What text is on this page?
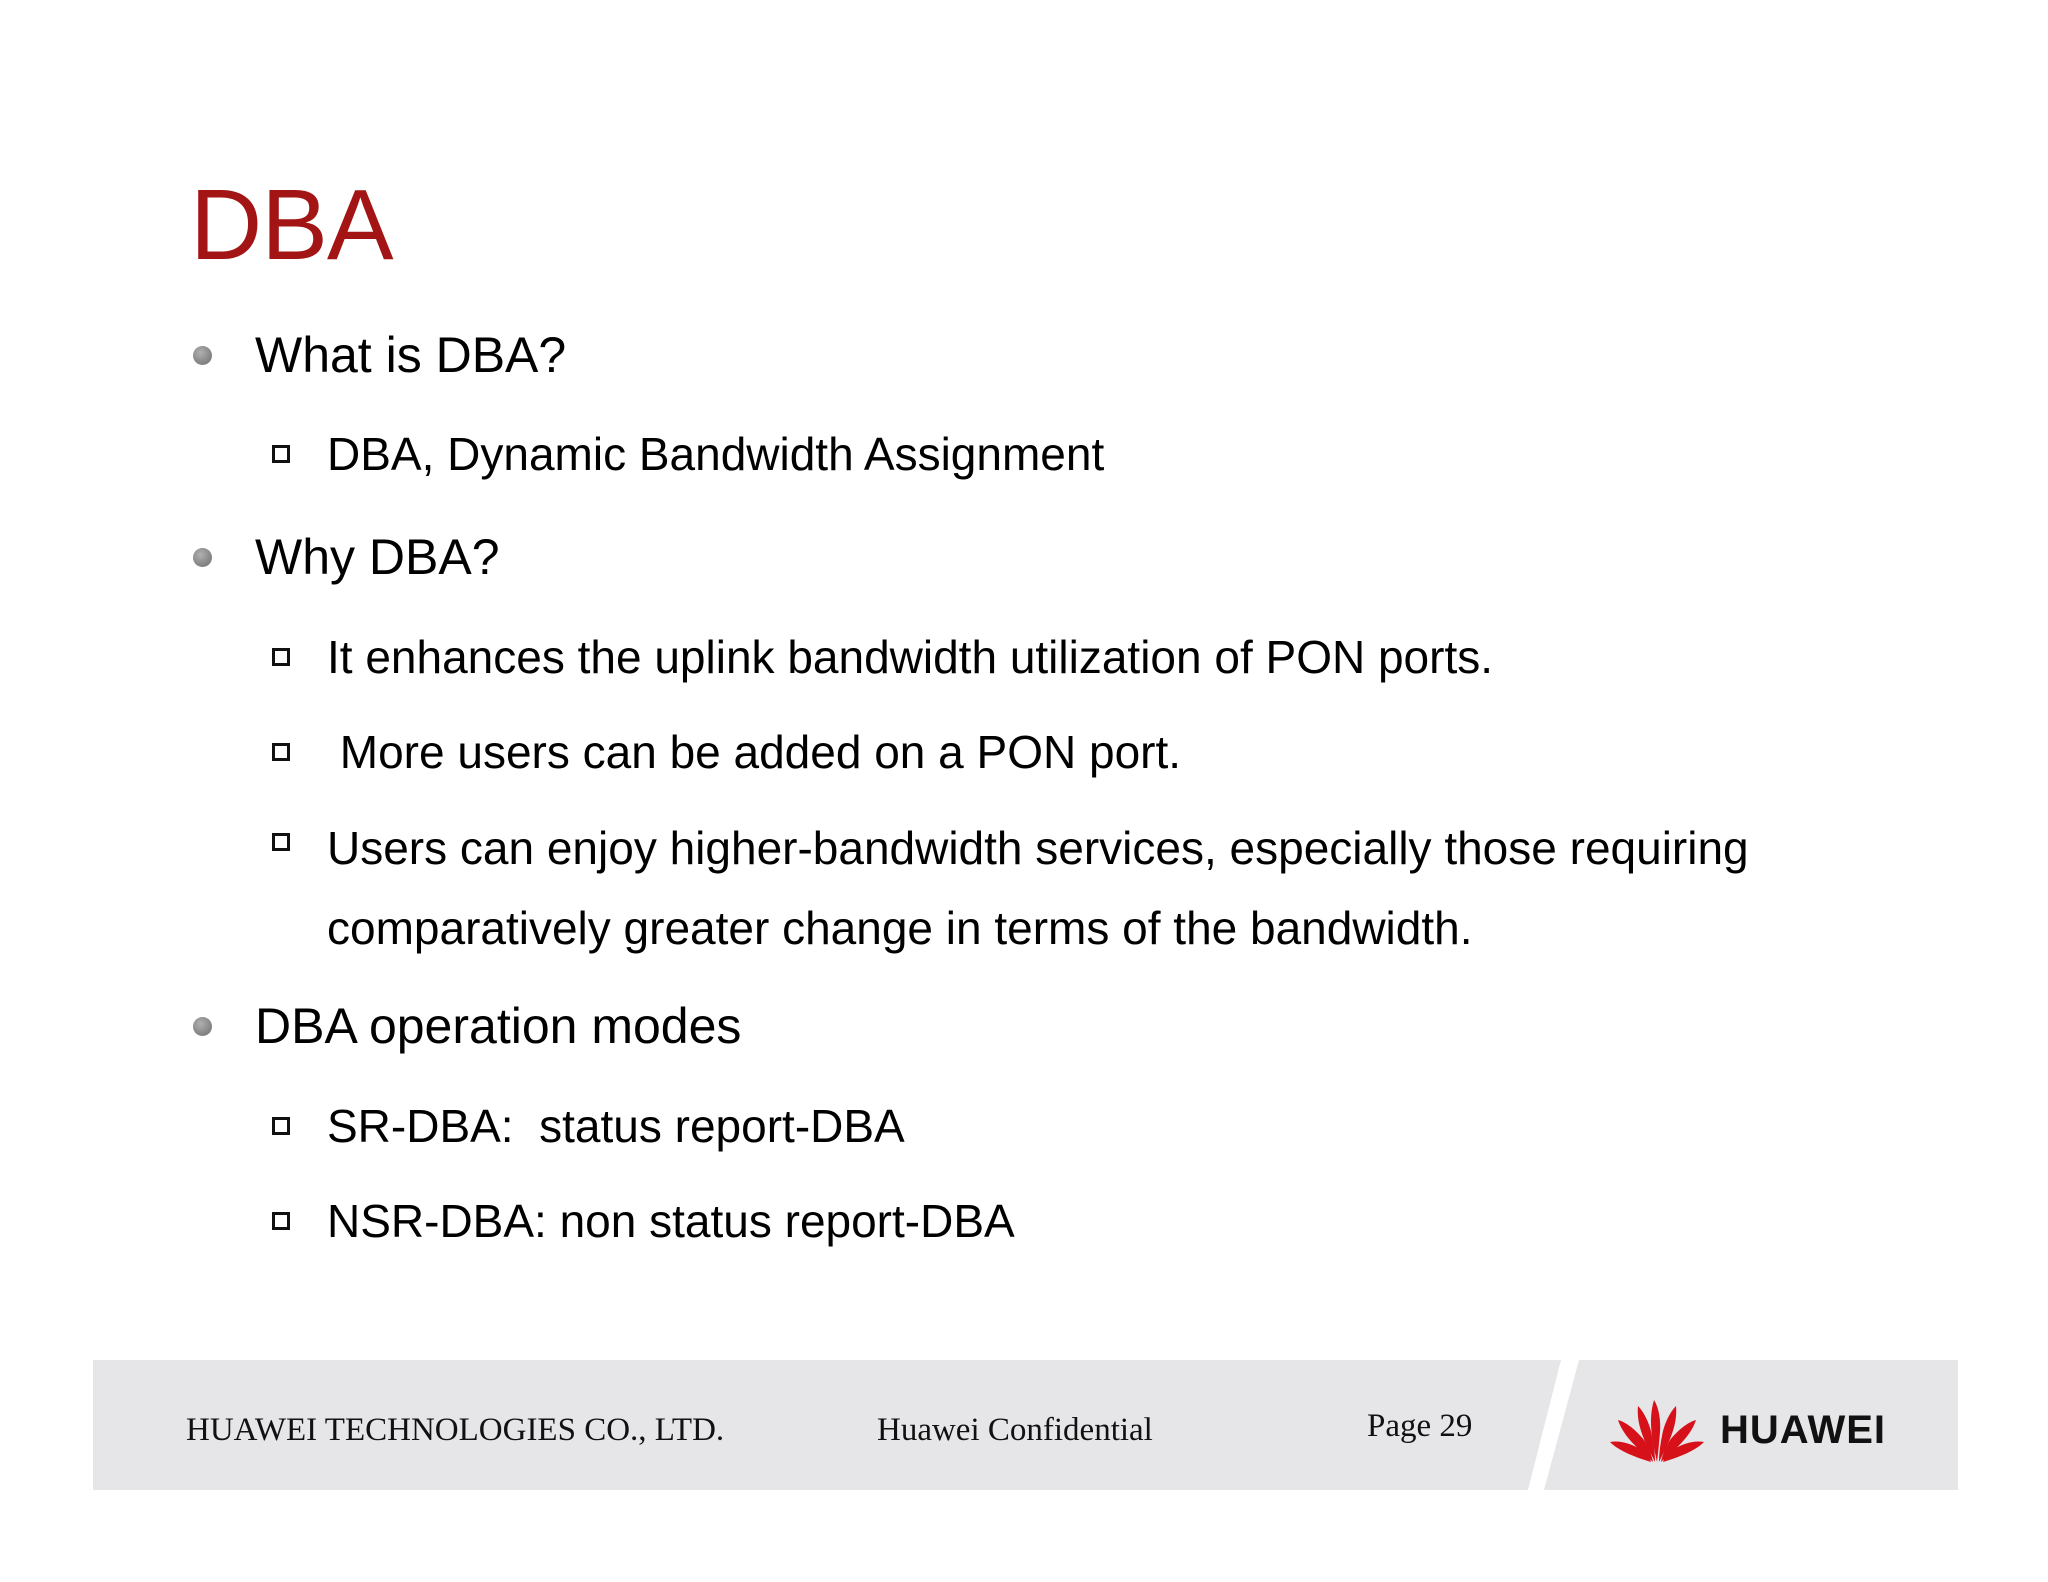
DBA
What is DBA?
DBA, Dynamic Bandwidth Assignment
Why DBA?
It enhances the uplink bandwidth utilization of PON ports.
More users can be added on a PON port.
Users can enjoy higher-bandwidth services, especially those requiring comparatively greater change in terms of the bandwidth.
DBA operation modes
SR-DBA:  status report-DBA
NSR-DBA: non status report-DBA
HUAWEI TECHNOLOGIES CO., LTD.	Huawei Confidential	Page 29	HUAWEI
